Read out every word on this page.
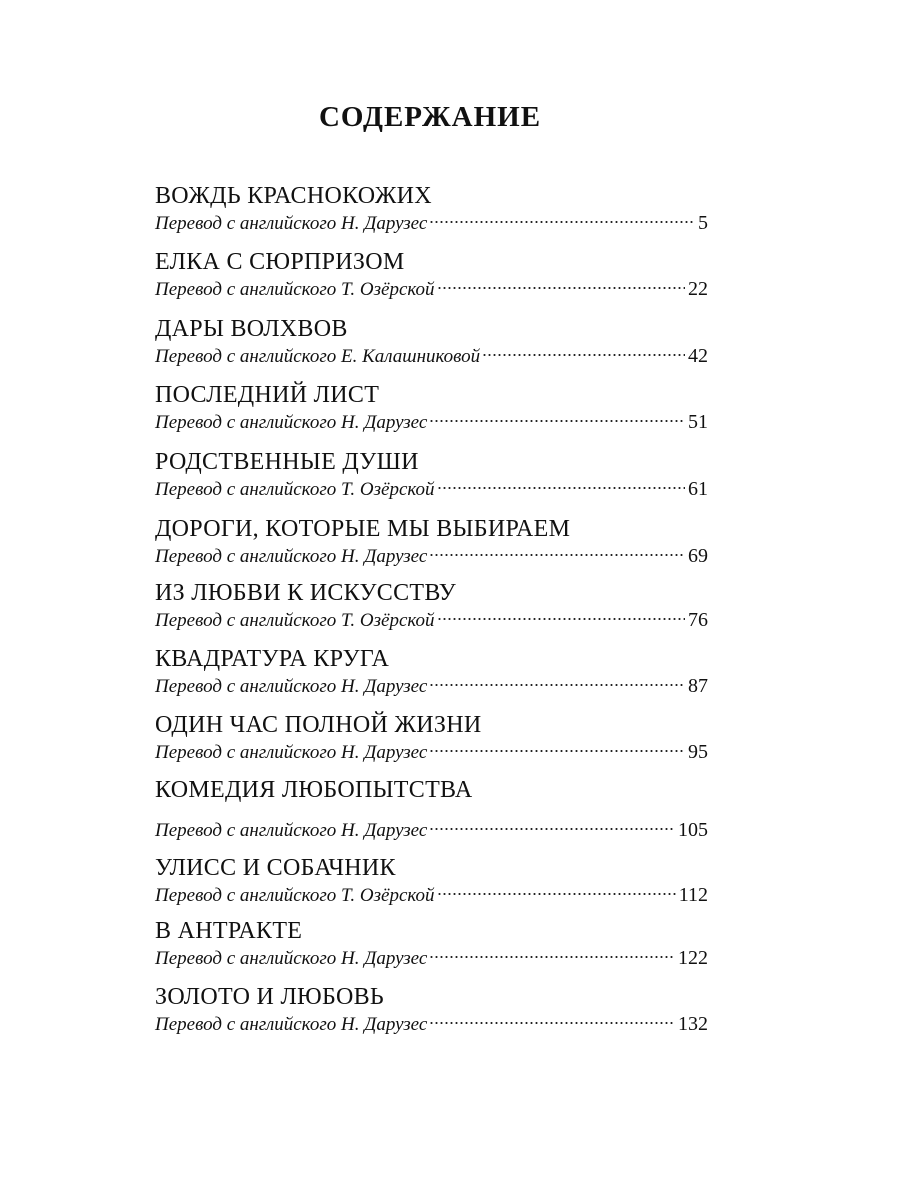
СОДЕРЖАНИЕ
ВОЖДЬ КРАСНОКОЖИХ
Перевод с английского Н. Дарузес	5
ЕЛКА С СЮРПРИЗОМ
Перевод с английского Т. Озёрской	22
ДАРЫ ВОЛХВОВ
Перевод с английского Е. Калашниковой	42
ПОСЛЕДНИЙ ЛИСТ
Перевод с английского Н. Дарузес	51
РОДСТВЕННЫЕ ДУШИ
Перевод с английского Т. Озёрской	61
ДОРОГИ, КОТОРЫЕ МЫ ВЫБИРАЕМ
Перевод с английского Н. Дарузес	69
ИЗ ЛЮБВИ К ИСКУССТВУ
Перевод с английского Т. Озёрской	76
КВАДРАТУРА КРУГА
Перевод с английского Н. Дарузес	87
ОДИН ЧАС ПОЛНОЙ ЖИЗНИ
Перевод с английского Н. Дарузес	95
КОМЕДИЯ ЛЮБОПЫТСТВА
Перевод с английского Н. Дарузес	105
УЛИСС И СОБАЧНИК
Перевод с английского Т. Озёрской	112
В АНТРАКТЕ
Перевод с английского Н. Дарузес	122
ЗОЛОТО И ЛЮБОВЬ
Перевод с английского Н. Дарузес	132
